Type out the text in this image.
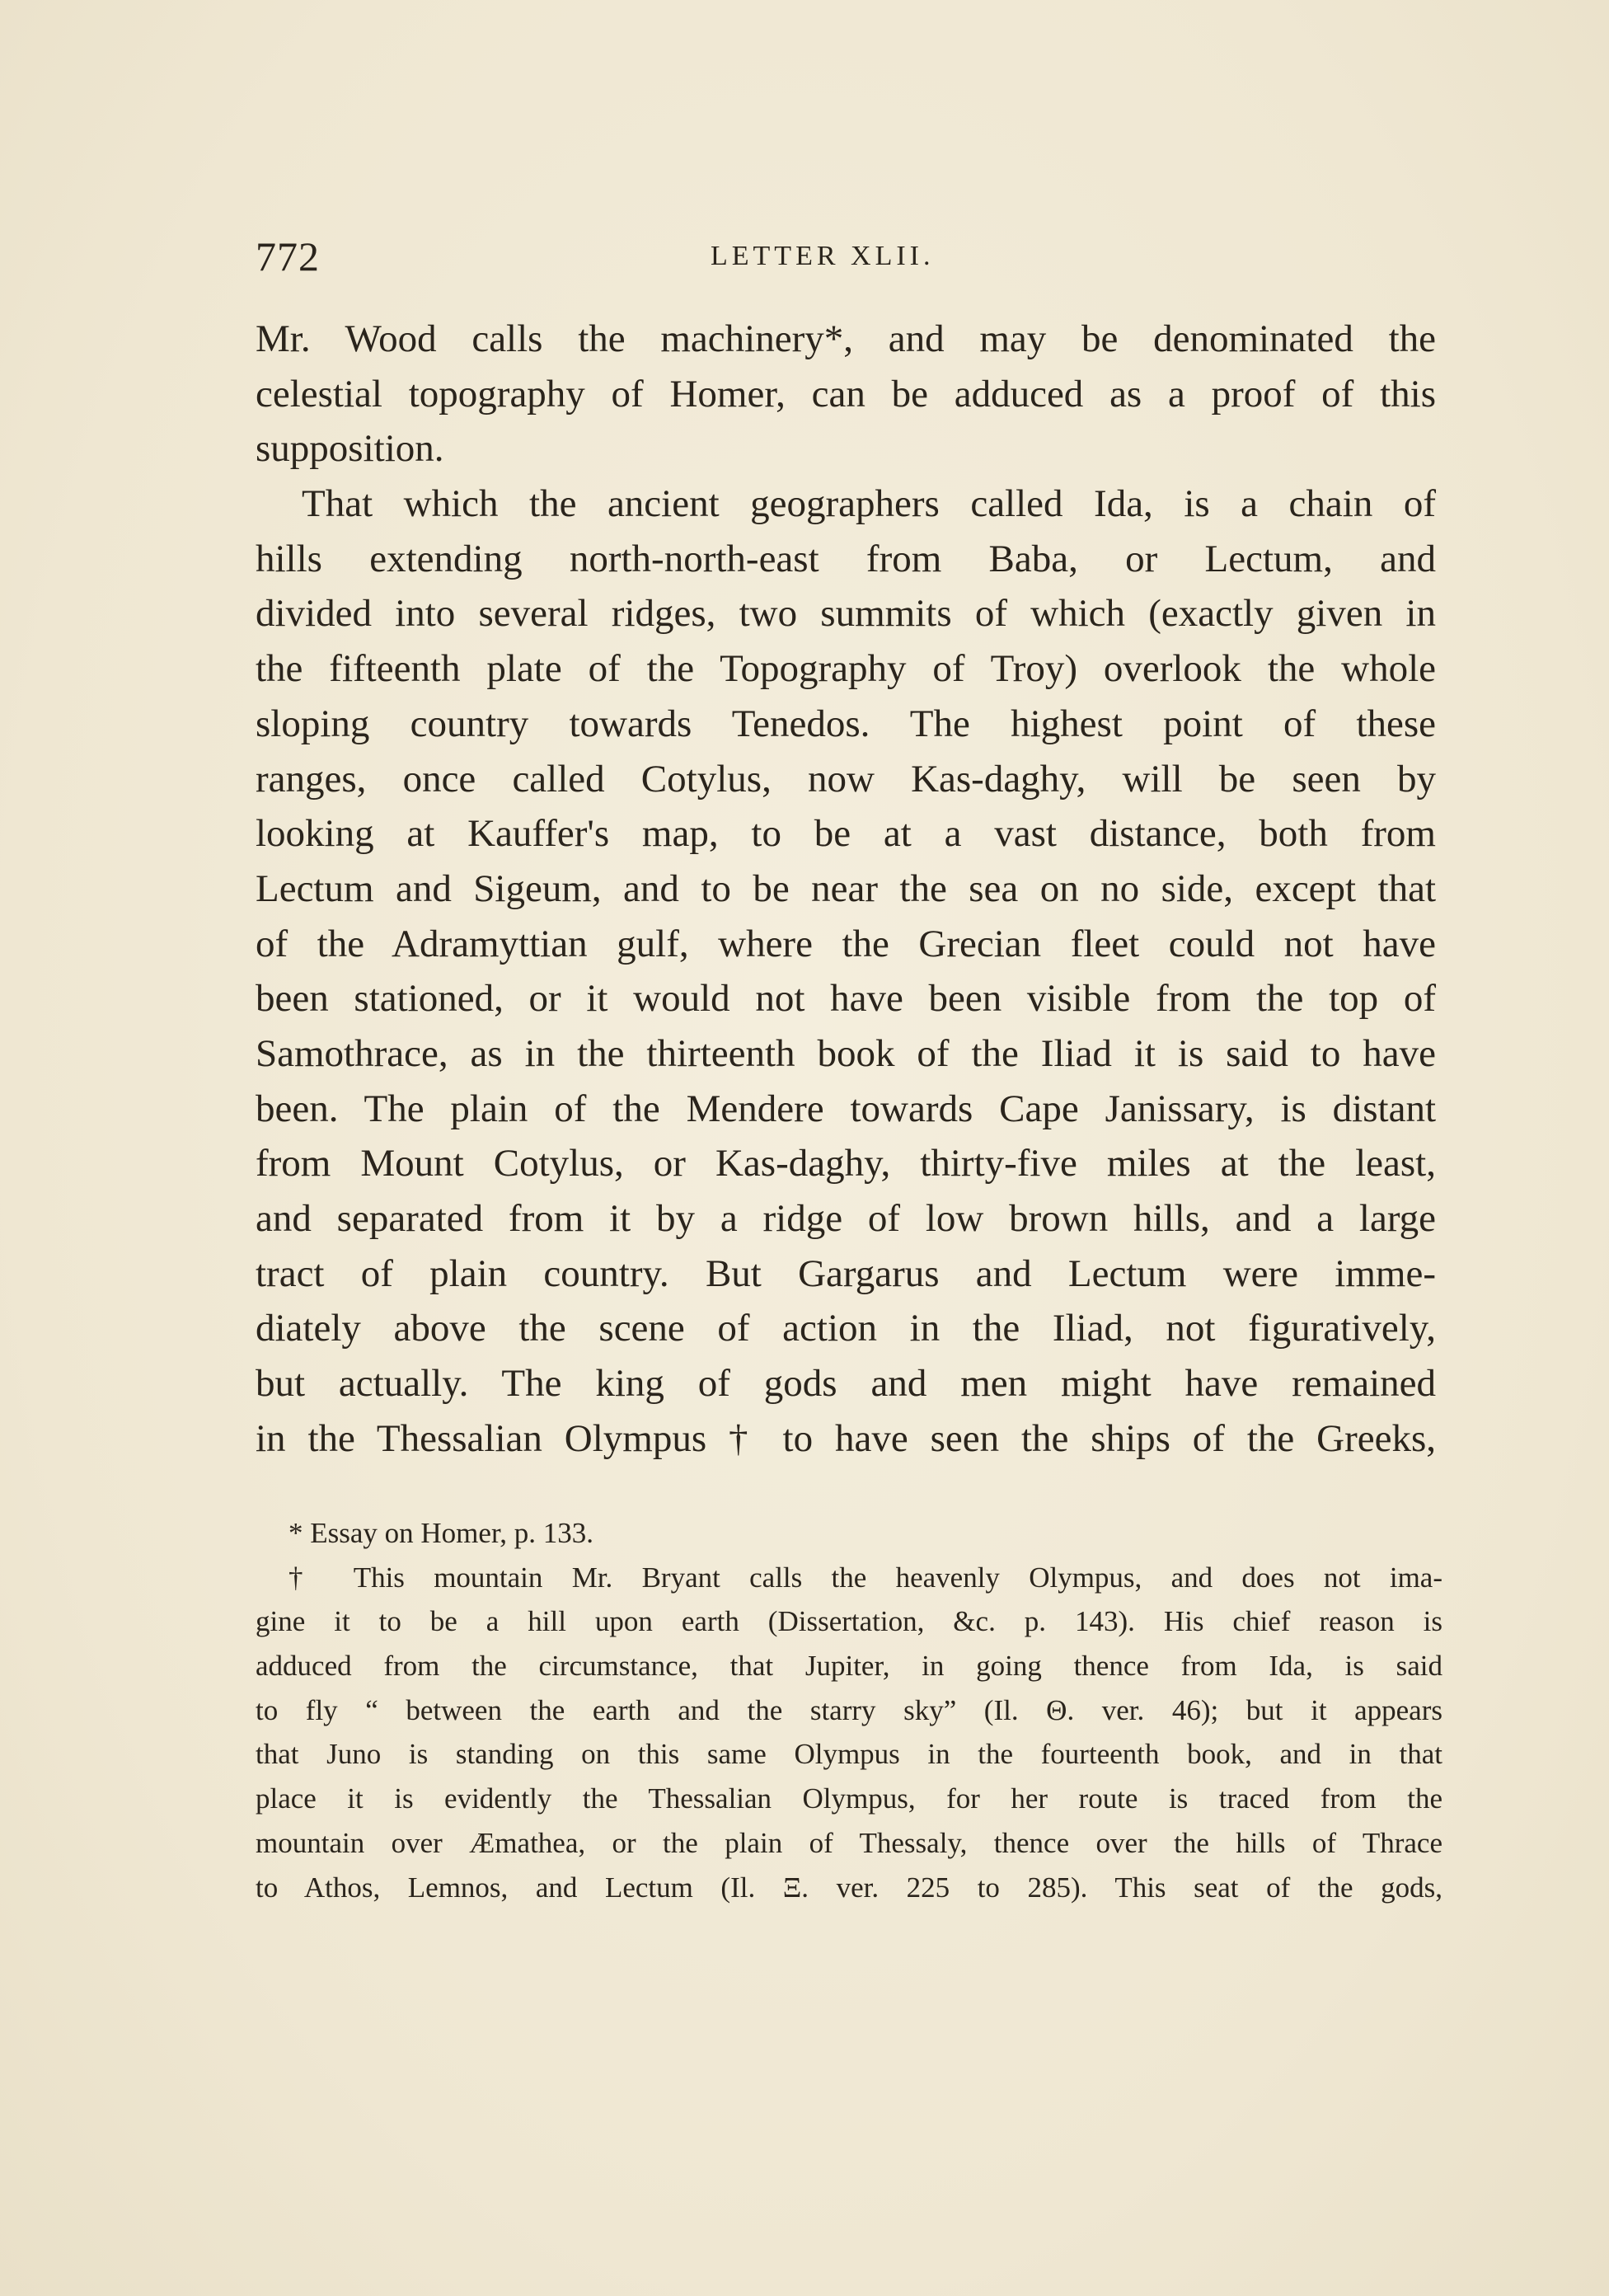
772	LETTER XLII.
Mr. Wood calls the machinery*, and may be denominated the
celestial topography of Homer, can be adduced as a proof of this
supposition.
That which the ancient geographers called Ida, is a chain of
hills extending north-north-east from Baba, or Lectum, and
divided into several ridges, two summits of which (exactly given in
the fifteenth plate of the Topography of Troy) overlook the whole
sloping country towards Tenedos. The highest point of these
ranges, once called Cotylus, now Kas-daghy, will be seen by
looking at Kauffer's map, to be at a vast distance, both from
Lectum and Sigeum, and to be near the sea on no side, except that
of the Adramyttian gulf, where the Grecian fleet could not have
been stationed, or it would not have been visible from the top of
Samothrace, as in the thirteenth book of the Iliad it is said to have
been. The plain of the Mendere towards Cape Janissary, is distant
from Mount Cotylus, or Kas-daghy, thirty-five miles at the least,
and separated from it by a ridge of low brown hills, and a large
tract of plain country. But Gargarus and Lectum were imme-
diately above the scene of action in the Iliad, not figuratively,
but actually. The king of gods and men might have remained
in the Thessalian Olympus † to have seen the ships of the Greeks,
* Essay on Homer, p. 133.
† This mountain Mr. Bryant calls the heavenly Olympus, and does not ima-
gine it to be a hill upon earth (Dissertation, &c. p. 143). His chief reason is
adduced from the circumstance, that Jupiter, in going thence from Ida, is said
to fly “ between the earth and the starry sky” (Il. Θ. ver. 46); but it appears
that Juno is standing on this same Olympus in the fourteenth book, and in that
place it is evidently the Thessalian Olympus, for her route is traced from the
mountain over Æmathea, or the plain of Thessaly, thence over the hills of Thrace
to Athos, Lemnos, and Lectum (Il. Ξ. ver. 225 to 285). This seat of the gods,
